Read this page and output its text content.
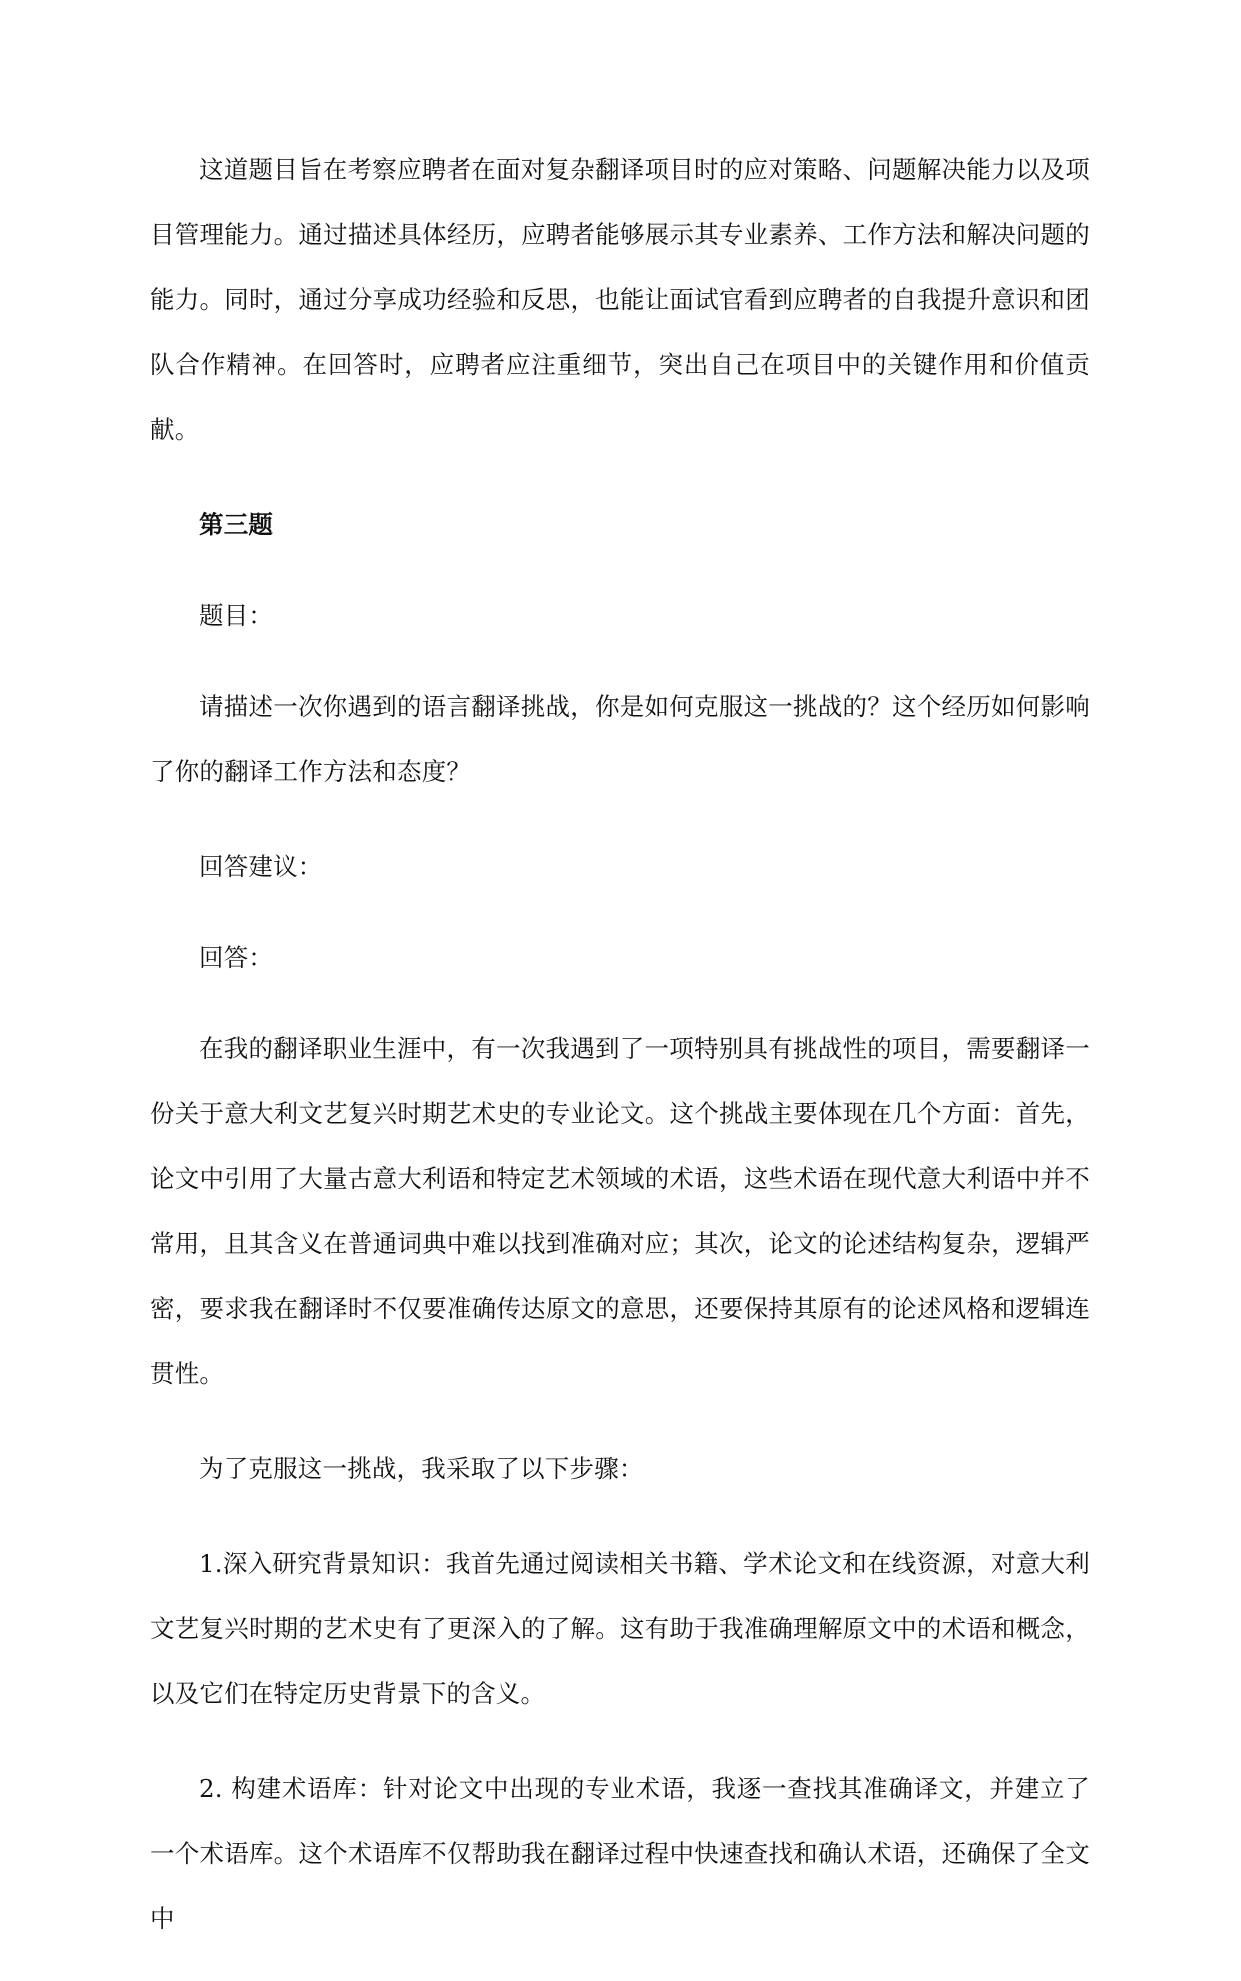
这道题目旨在考察应聘者在面对复杂翻译项目时的应对策略、问题解决能力以及项目管理能力。通过描述具体经历，应聘者能够展示其专业素养、工作方法和解决问题的能力。同时，通过分享成功经验和反思，也能让面试官看到应聘者的自我提升意识和团队合作精神。在回答时，应聘者应注重细节，突出自己在项目中的关键作用和价值贡献。

第三题

题目：

请描述一次你遇到的语言翻译挑战，你是如何克服这一挑战的？这个经历如何影响了你的翻译工作方法和态度？

回答建议：

回答：

在我的翻译职业生涯中，有一次我遇到了一项特别具有挑战性的项目，需要翻译一份关于意大利文艺复兴时期艺术史的专业论文。这个挑战主要体现在几个方面：首先，论文中引用了大量古意大利语和特定艺术领域的术语，这些术语在现代意大利语中并不常用，且其含义在普通词典中难以找到准确对应；其次，论文的论述结构复杂，逻辑严密，要求我在翻译时不仅要准确传达原文的意思，还要保持其原有的论述风格和逻辑连贯性。

为了克服这一挑战，我采取了以下步骤：

1.深入研究背景知识：我首先通过阅读相关书籍、学术论文和在线资源，对意大利文艺复兴时期的艺术史有了更深入的了解。这有助于我准确理解原文中的术语和概念，以及它们在特定历史背景下的含义。

2. 构建术语库：针对论文中出现的专业术语，我逐一查找其准确译文，并建立了一个术语库。这个术语库不仅帮助我在翻译过程中快速查找和确认术语，还确保了全文中
